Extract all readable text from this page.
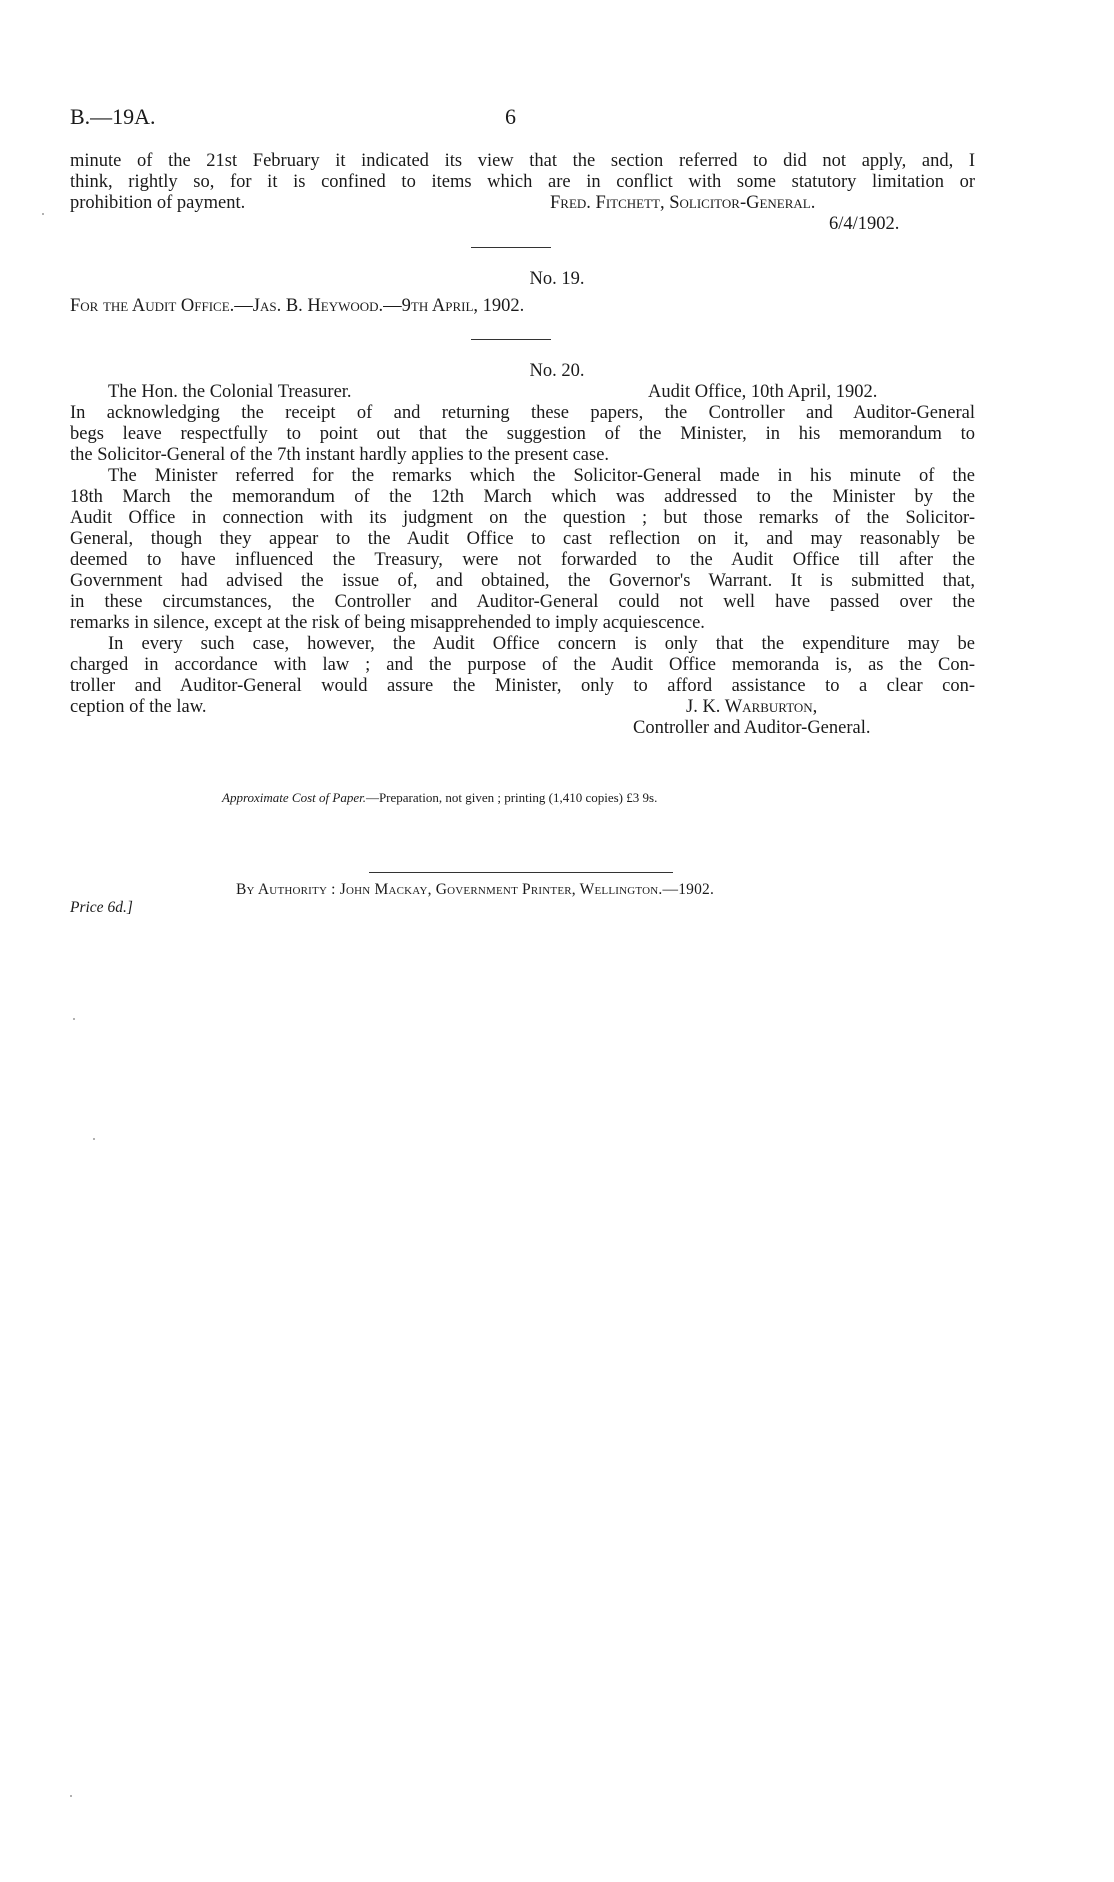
B.—19A.	6
minute of the 21st February it indicated its view that the section referred to did not apply, and, I
think, rightly so, for it is confined to items which are in conflict with some statutory limitation or
prohibition of payment.	Fred. Fitchett, Solicitor-General.
6/4/1902.
No. 19.
For the Audit Office.—Jas. B. Heywood.—9th April, 1902.
No. 20.
The Hon. the Colonial Treasurer.	Audit Office, 10th April, 1902.
In acknowledging the receipt of and returning these papers, the Controller and Auditor-General
begs leave respectfully to point out that the suggestion of the Minister, in his memorandum to
the Solicitor-General of the 7th instant hardly applies to the present case.
The Minister referred for the remarks which the Solicitor-General made in his minute of the
18th March the memorandum of the 12th March which was addressed to the Minister by the
Audit Office in connection with its judgment on the question ; but those remarks of the Solicitor-
General, though they appear to the Audit Office to cast reflection on it, and may reasonably be
deemed to have influenced the Treasury, were not forwarded to the Audit Office till after the
Government had advised the issue of, and obtained, the Governor's Warrant. It is submitted that,
in these circumstances, the Controller and Auditor-General could not well have passed over the
remarks in silence, except at the risk of being misapprehended to imply acquiescence.
In every such case, however, the Audit Office concern is only that the expenditure may be
charged in accordance with law ; and the purpose of the Audit Office memoranda is, as the Con-
troller and Auditor-General would assure the Minister, only to afford assistance to a clear con-
ception of the law.	J. K. Warburton,
Controller and Auditor-General.
Approximate Cost of Paper.—Preparation, not given ; printing (1,410 copies) £3 9s.
By Authority : John Mackay, Government Printer, Wellington.—1902.
Price 6d.]
